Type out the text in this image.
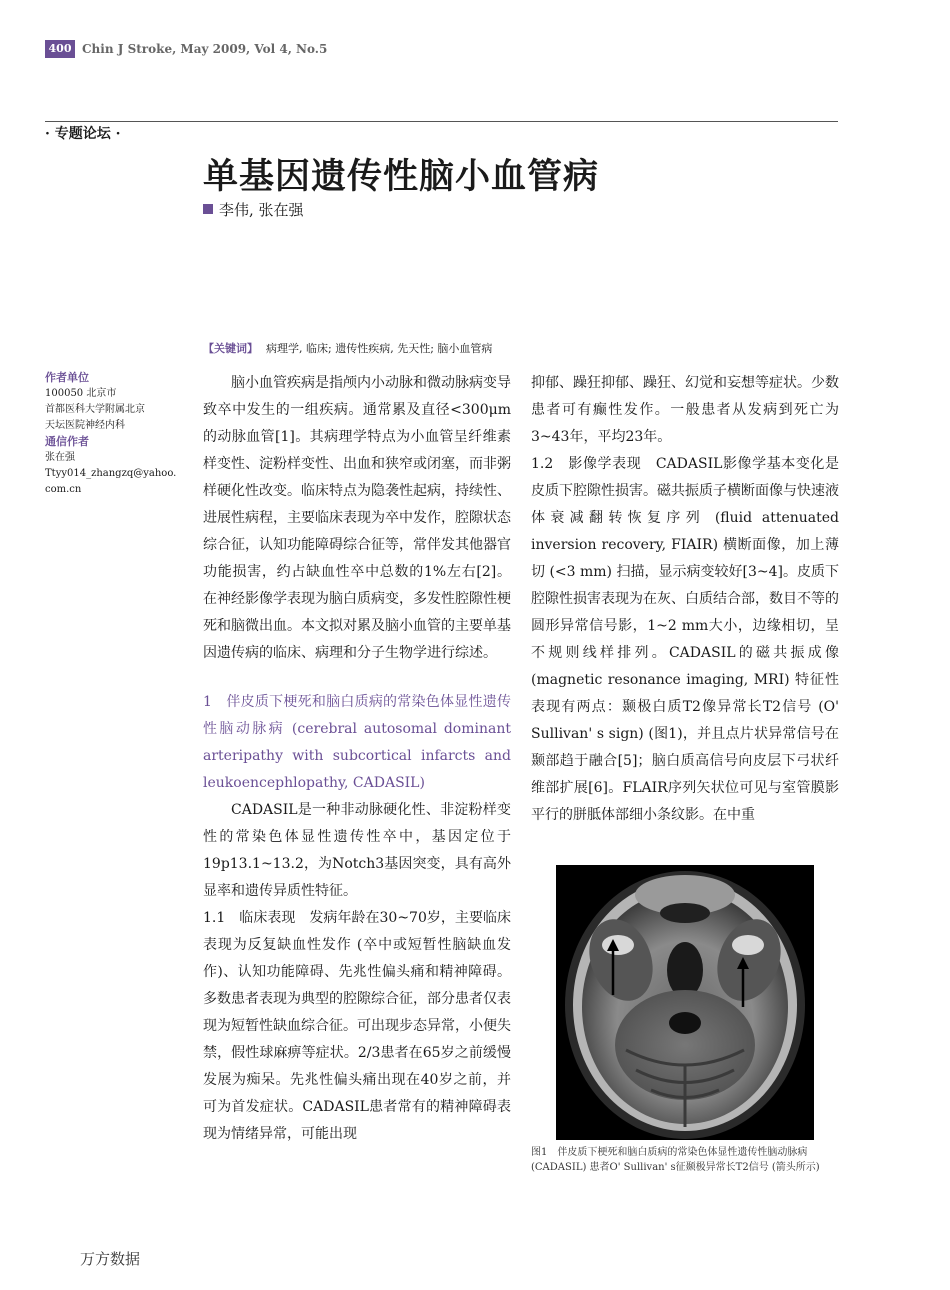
400 Chin J Stroke, May 2009, Vol 4, No.5
· 专题论坛 ·
单基因遗传性脑小血管病
李伟, 张在强
【关键词】 病理学, 临床; 遗传性疾病, 先天性; 脑小血管病
作者单位
100050 北京市
首都医科大学附属北京
天坛医院神经内科
通信作者
张在强
Ttyy014_zhangzq@yahoo.
com.cn

脑小血管疾病是指颅内小动脉和微动脉病变导致卒中发生的一组疾病。通常累及直径<300μm的动脉血管[1]。其病理学特点为小血管呈纤维素样变性、淀粉样变性、出血和狭窄或闭塞，而非粥样硬化性改变。临床特点为隐袭性起病，持续性、进展性病程，主要临床表现为卒中发作，腔隙状态综合征，认知功能障碍综合征等，常伴发其他器官功能损害，约占缺血性卒中总数的1%左右[2]。在神经影像学表现为脑白质病变，多发性腔隙性梗死和脑微出血。本文拟对累及脑小血管的主要单基因遗传病的临床、病理和分子生物学进行综述。

1　伴皮质下梗死和脑白质病的常染色体显性遗传性脑动脉病 (cerebral autosomal dominant arteripathy with subcortical infarcts and leukoencephlopathy, CADASIL)

CADASIL是一种非动脉硬化性、非淀粉样变性的常染色体显性遗传性卒中，基因定位于19p13.1~13.2，为Notch3基因突变，具有高外显率和遗传异质性特征。

1.1　临床表现　发病年龄在30~70岁，主要临床表现为反复缺血性发作 (卒中或短暂性脑缺血发作)、认知功能障碍、先兆性偏头痛和精神障碍。多数患者表现为典型的腔隙综合征，部分患者仅表现为短暂性缺血综合征。可出现步态异常，小便失禁，假性球麻痹等症状。2/3患者在65岁之前缓慢发展为痴呆。先兆性偏头痛出现在40岁之前，并可为首发症状。CADASIL患者常有的精神障碍表现为情绪异常，可能出现

抑郁、躁狂抑郁、躁狂、幻觉和妄想等症状。少数患者可有癫性发作。一般患者从发病到死亡为3~43年，平均23年。

1.2　影像学表现　CADASIL影像学基本变化是皮质下腔隙性损害。磁共振质子横断面像与快速液体衰减翻转恢复序列 (fluid attenuated inversion recovery, FIAIR) 横断面像，加上薄切 (<3 mm) 扫描，显示病变较好[3~4]。皮质下腔隙性损害表现为在灰、白质结合部，数目不等的圆形异常信号影，1~2 mm大小，边缘相切，呈不规则线样排列。CADASIL的磁共振成像 (magnetic resonance imaging, MRI) 特征性表现有两点：颞极白质T2像异常长T2信号 (O' Sullivan' s sign) (图1)，并且点片状异常信号在颞部趋于融合[5]；脑白质高信号向皮层下弓状纤维部扩展[6]。FLAIR序列矢状位可见与室管膜影平行的胼胝体部细小条纹影。在中重

图1　伴皮质下梗死和脑白质病的常染色体显性遗传性脑动脉病 (CADASIL) 患者O' Sullivan' s征颞极异常长T2信号 (箭头所示)
万方数据
